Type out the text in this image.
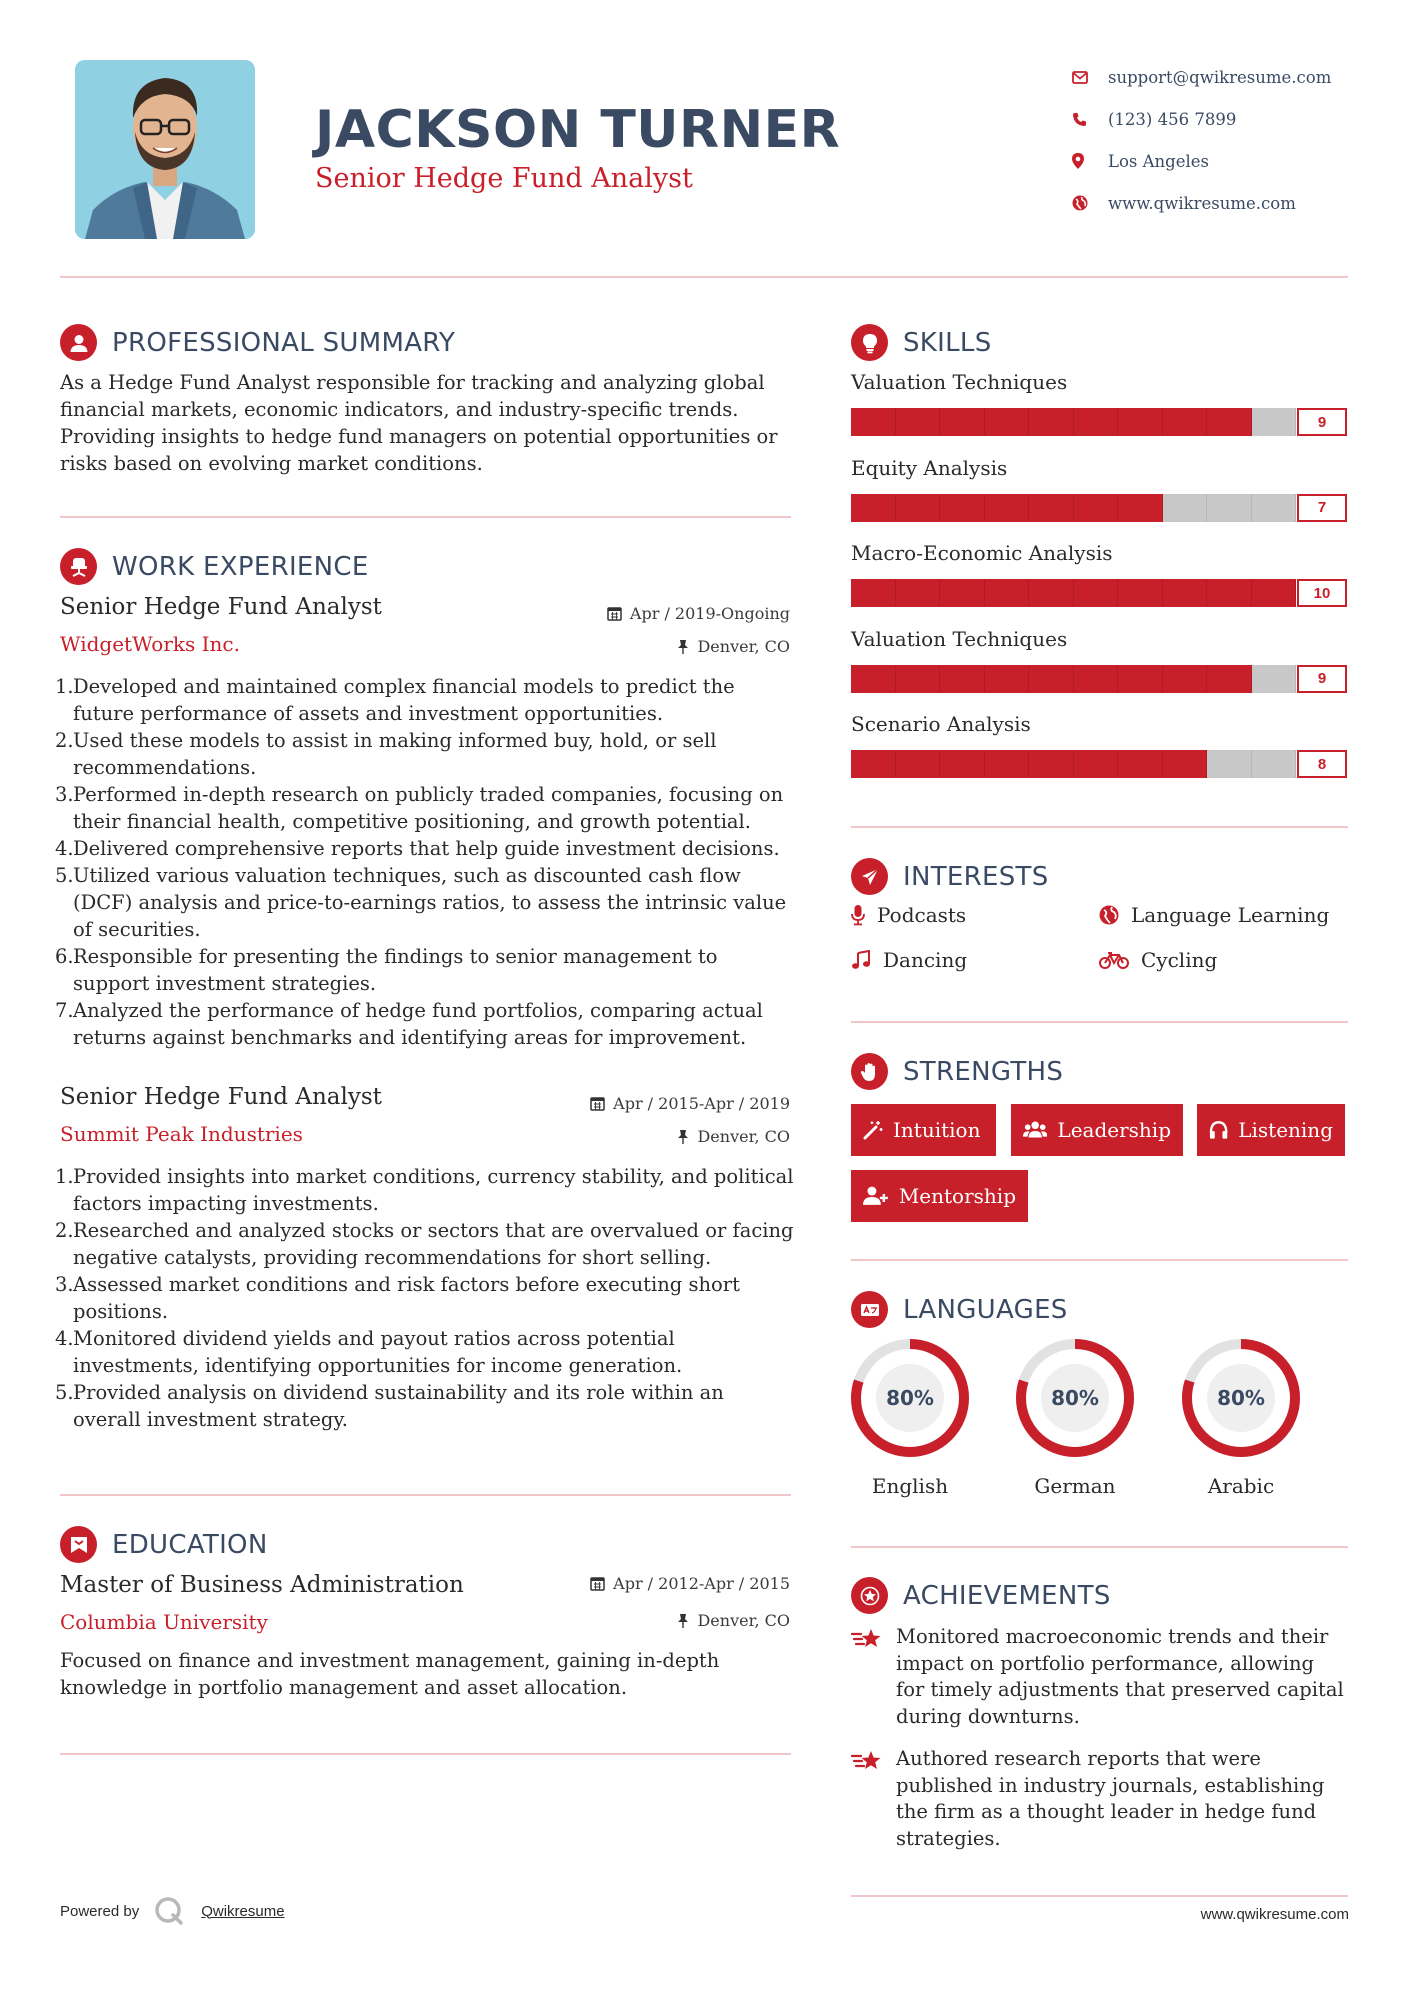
JACKSON TURNER
Senior Hedge Fund Analyst
support@qwikresume.com
(123) 456 7899
Los Angeles
www.qwikresume.com
PROFESSIONAL SUMMARY
As a Hedge Fund Analyst responsible for tracking and analyzing global financial markets, economic indicators, and industry-specific trends. Providing insights to hedge fund managers on potential opportunities or risks based on evolving market conditions.
WORK EXPERIENCE
Senior Hedge Fund Analyst
WidgetWorks Inc.
Apr / 2019-Ongoing
Denver, CO
1. Developed and maintained complex financial models to predict the future performance of assets and investment opportunities.
2. Used these models to assist in making informed buy, hold, or sell recommendations.
3. Performed in-depth research on publicly traded companies, focusing on their financial health, competitive positioning, and growth potential.
4. Delivered comprehensive reports that help guide investment decisions.
5. Utilized various valuation techniques, such as discounted cash flow (DCF) analysis and price-to-earnings ratios, to assess the intrinsic value of securities.
6. Responsible for presenting the findings to senior management to support investment strategies.
7. Analyzed the performance of hedge fund portfolios, comparing actual returns against benchmarks and identifying areas for improvement.
Senior Hedge Fund Analyst
Summit Peak Industries
Apr / 2015-Apr / 2019
Denver, CO
1. Provided insights into market conditions, currency stability, and political factors impacting investments.
2. Researched and analyzed stocks or sectors that are overvalued or facing negative catalysts, providing recommendations for short selling.
3. Assessed market conditions and risk factors before executing short positions.
4. Monitored dividend yields and payout ratios across potential investments, identifying opportunities for income generation.
5. Provided analysis on dividend sustainability and its role within an overall investment strategy.
EDUCATION
Master of Business Administration
Columbia University
Apr / 2012-Apr / 2015
Denver, CO
Focused on finance and investment management, gaining in-depth knowledge in portfolio management and asset allocation.
SKILLS
Valuation Techniques
9
Equity Analysis
7
Macro-Economic Analysis
10
Valuation Techniques
9
Scenario Analysis
8
INTERESTS
Podcasts	Language Learning
Dancing	Cycling
STRENGTHS
Intuition	Leadership	Listening
Mentorship
LANGUAGES
80%
English
80%
German
80%
Arabic
ACHIEVEMENTS
Monitored macroeconomic trends and their impact on portfolio performance, allowing for timely adjustments that preserved capital during downturns.
Authored research reports that were published in industry journals, establishing the firm as a thought leader in hedge fund strategies.
Powered by	Qwikresume	www.qwikresume.com
